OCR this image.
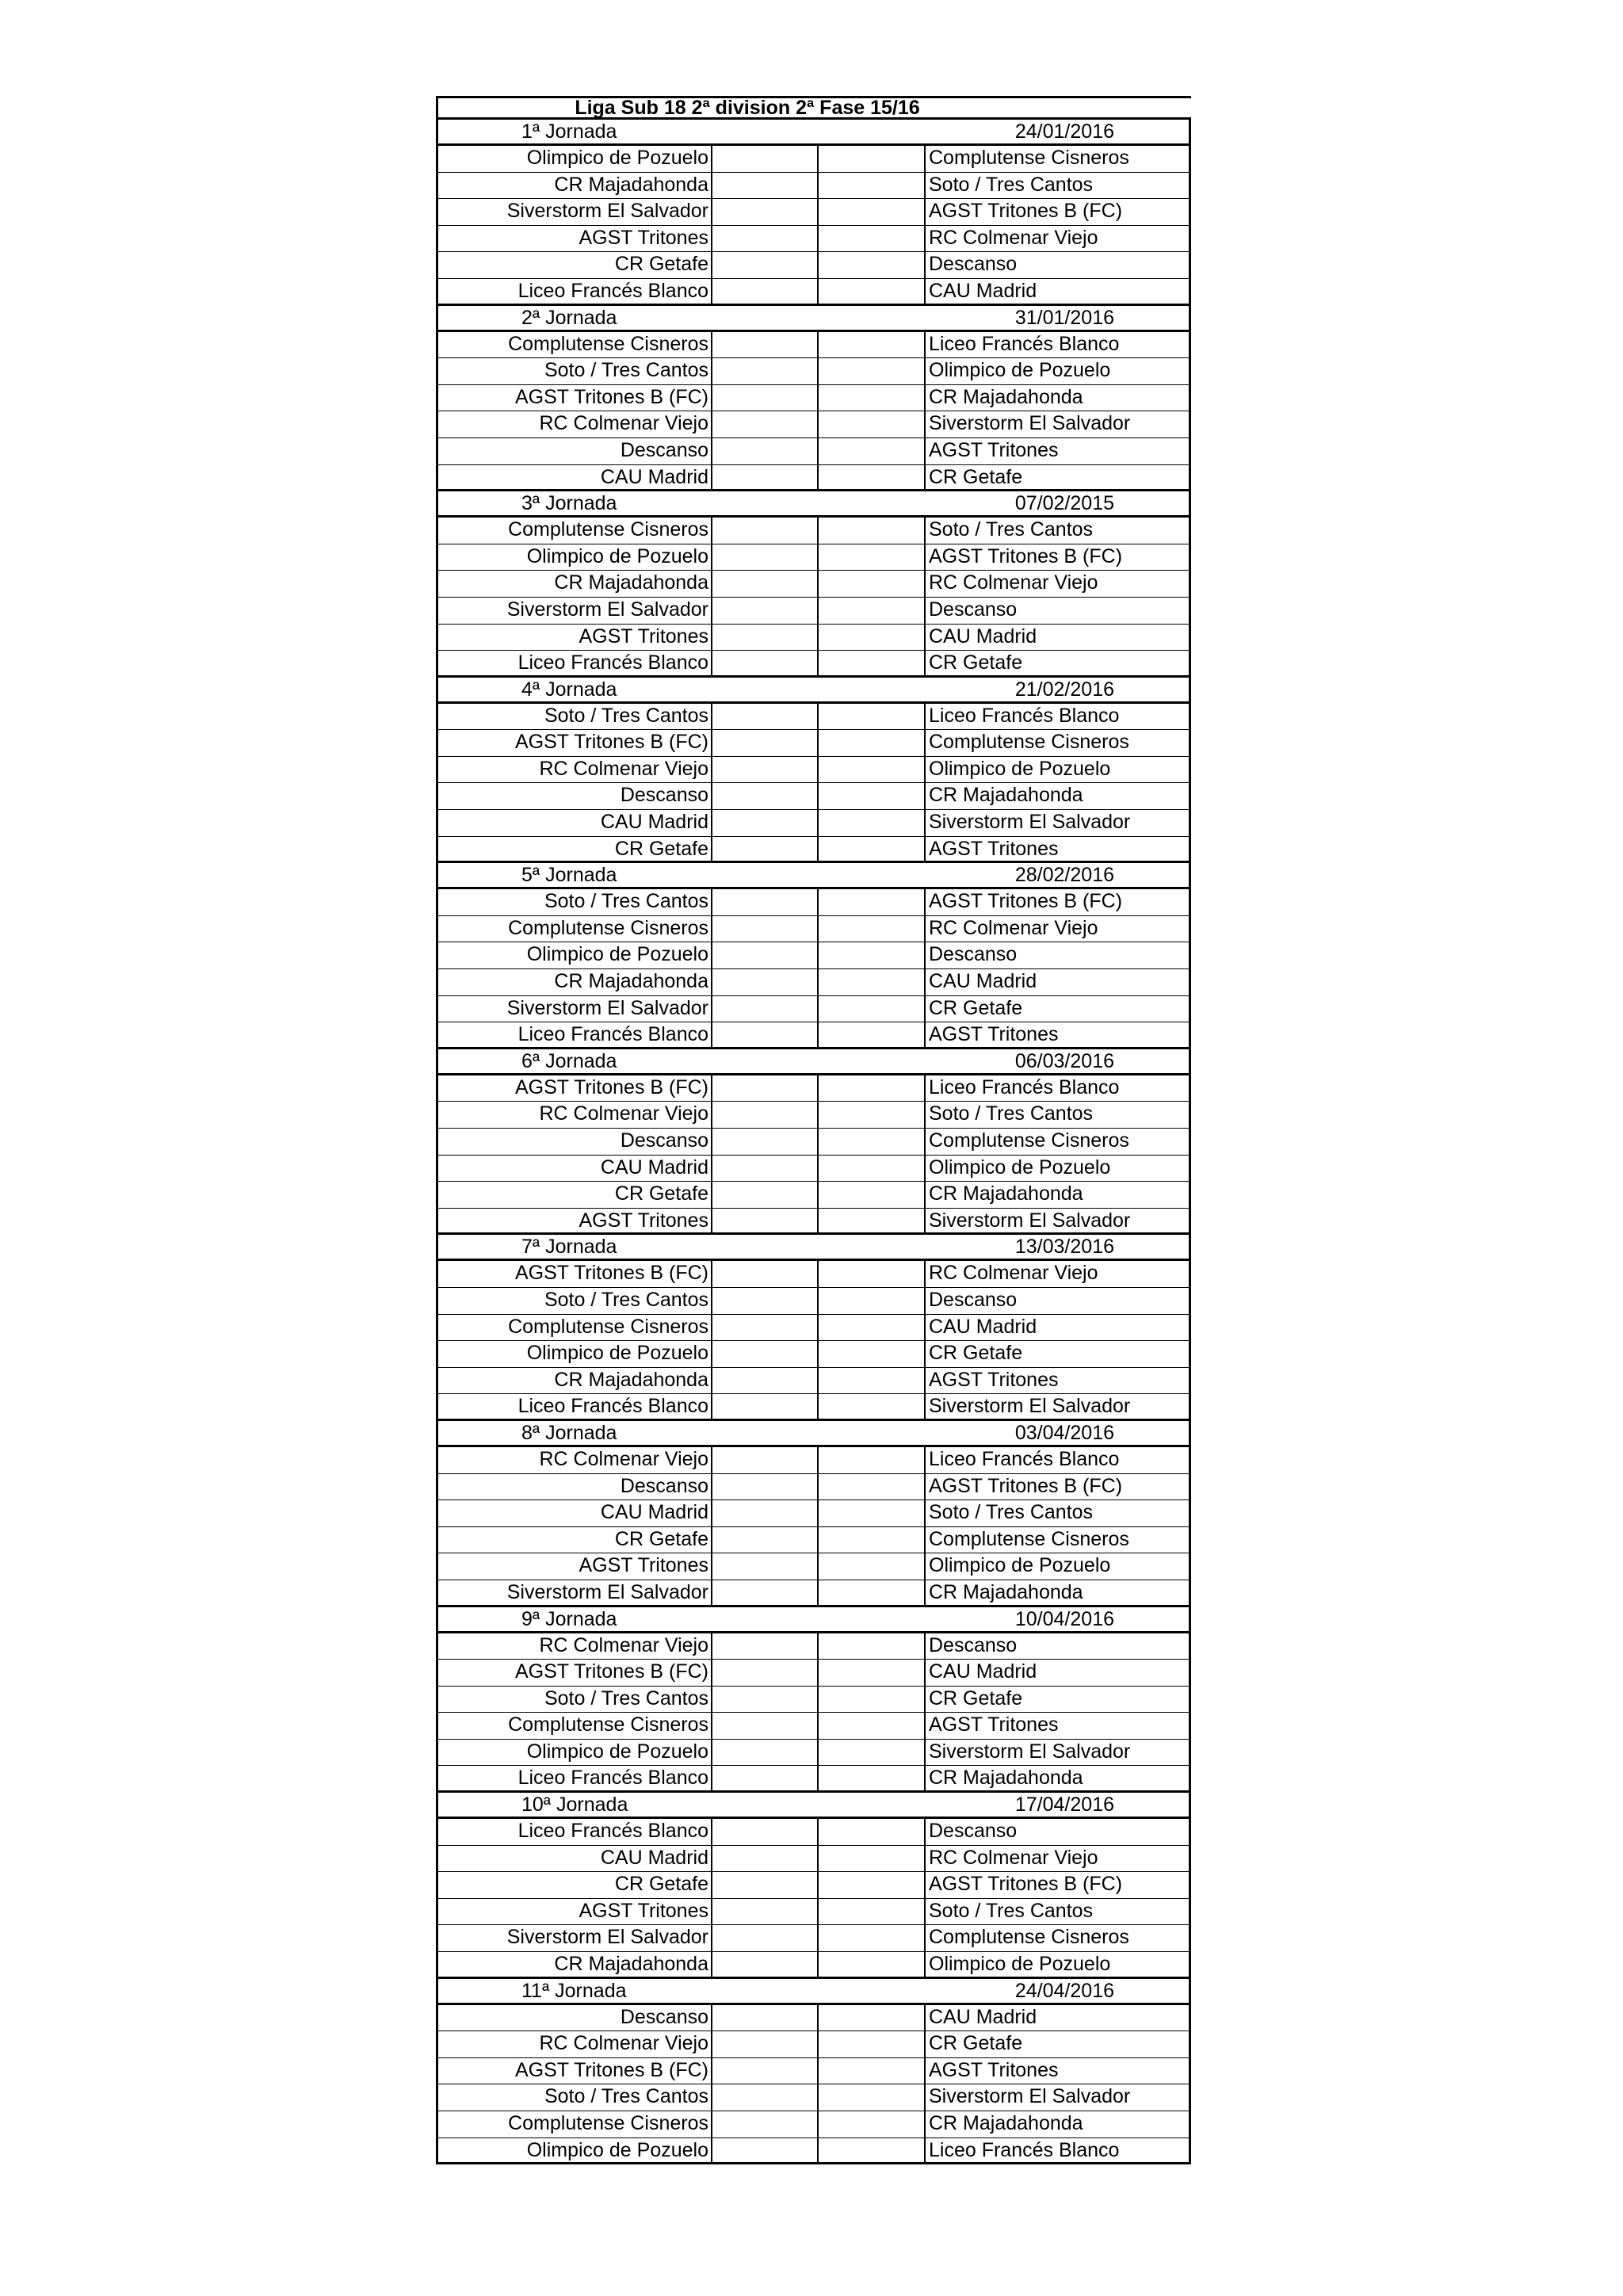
Liga Sub 18 2ª division 2ª Fase 15/16
1ª Jornada	24/01/2016
Olimpico de Pozuelo	Complutense Cisneros
CR Majadahonda	Soto / Tres Cantos
Siverstorm El Salvador	AGST Tritones B (FC)
AGST Tritones	RC Colmenar Viejo
CR Getafe	Descanso
Liceo Francés Blanco	CAU Madrid
2ª Jornada	31/01/2016
Complutense Cisneros	Liceo Francés Blanco
Soto / Tres Cantos	Olimpico de Pozuelo
AGST Tritones B (FC)	CR Majadahonda
RC Colmenar Viejo	Siverstorm El Salvador
Descanso	AGST Tritones
CAU Madrid	CR Getafe
3ª Jornada	07/02/2015
Complutense Cisneros	Soto / Tres Cantos
Olimpico de Pozuelo	AGST Tritones B (FC)
CR Majadahonda	RC Colmenar Viejo
Siverstorm El Salvador	Descanso
AGST Tritones	CAU Madrid
Liceo Francés Blanco	CR Getafe
4ª Jornada	21/02/2016
Soto / Tres Cantos	Liceo Francés Blanco
AGST Tritones B (FC)	Complutense Cisneros
RC Colmenar Viejo	Olimpico de Pozuelo
Descanso	CR Majadahonda
CAU Madrid	Siverstorm El Salvador
CR Getafe	AGST Tritones
5ª Jornada	28/02/2016
Soto / Tres Cantos	AGST Tritones B (FC)
Complutense Cisneros	RC Colmenar Viejo
Olimpico de Pozuelo	Descanso
CR Majadahonda	CAU Madrid
Siverstorm El Salvador	CR Getafe
Liceo Francés Blanco	AGST Tritones
6ª Jornada	06/03/2016
AGST Tritones B (FC)	Liceo Francés Blanco
RC Colmenar Viejo	Soto / Tres Cantos
Descanso	Complutense Cisneros
CAU Madrid	Olimpico de Pozuelo
CR Getafe	CR Majadahonda
AGST Tritones	Siverstorm El Salvador
7ª Jornada	13/03/2016
AGST Tritones B (FC)	RC Colmenar Viejo
Soto / Tres Cantos	Descanso
Complutense Cisneros	CAU Madrid
Olimpico de Pozuelo	CR Getafe
CR Majadahonda	AGST Tritones
Liceo Francés Blanco	Siverstorm El Salvador
8ª Jornada	03/04/2016
RC Colmenar Viejo	Liceo Francés Blanco
Descanso	AGST Tritones B (FC)
CAU Madrid	Soto / Tres Cantos
CR Getafe	Complutense Cisneros
AGST Tritones	Olimpico de Pozuelo
Siverstorm El Salvador	CR Majadahonda
9ª Jornada	10/04/2016
RC Colmenar Viejo	Descanso
AGST Tritones B (FC)	CAU Madrid
Soto / Tres Cantos	CR Getafe
Complutense Cisneros	AGST Tritones
Olimpico de Pozuelo	Siverstorm El Salvador
Liceo Francés Blanco	CR Majadahonda
10ª Jornada	17/04/2016
Liceo Francés Blanco	Descanso
CAU Madrid	RC Colmenar Viejo
CR Getafe	AGST Tritones B (FC)
AGST Tritones	Soto / Tres Cantos
Siverstorm El Salvador	Complutense Cisneros
CR Majadahonda	Olimpico de Pozuelo
11ª Jornada	24/04/2016
Descanso	CAU Madrid
RC Colmenar Viejo	CR Getafe
AGST Tritones B (FC)	AGST Tritones
Soto / Tres Cantos	Siverstorm El Salvador
Complutense Cisneros	CR Majadahonda
Olimpico de Pozuelo	Liceo Francés Blanco
